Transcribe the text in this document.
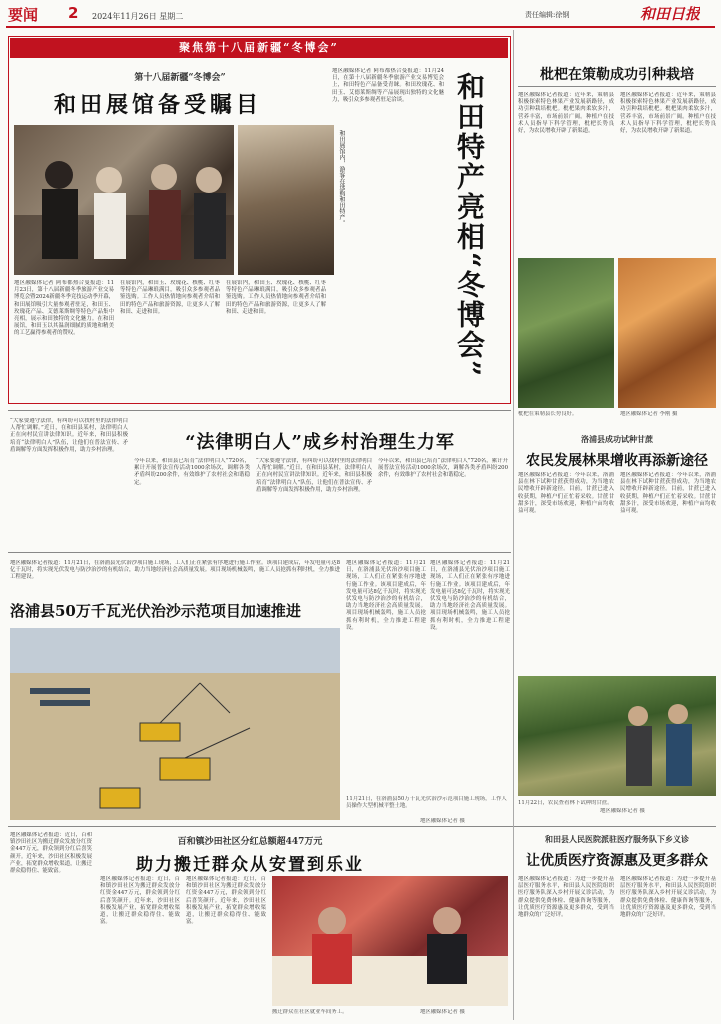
要闻 2 2024年11月26日 星期二	责任编辑:徐钢	和田日报
聚焦第十八届新疆“冬博会”
第十八届新疆“冬博会”
和田展馆备受瞩目
和田展馆内，游客在选购和田特产。
地区融媒体记者 阿布都热合曼报道：11月23日，第十八届新疆冬季旅游产业交易博览会暨2024新疆冬季竞技运动季开幕，和田展馆吸引大量参观者驻足，和田玉、玫瑰花产品、艾德莱斯绸等特色产品集中亮相，展示和田独特的文化魅力。在和田展馆，和田玉以其温润细腻的质地和精美的工艺赢得参观者的赞叹。
在展馆内，和田玉、玫瑰花、核桃、红枣等特色产品琳琅满目，吸引众多参观者品鉴选购。工作人员热情地向参观者介绍和田的特色产品和旅游资源，让更多人了解和田、走进和田。
在展馆内，和田玉、玫瑰花、核桃、红枣等特色产品琳琅满目，吸引众多参观者品鉴选购。工作人员热情地向参观者介绍和田的特色产品和旅游资源，让更多人了解和田、走进和田。
地区融媒体记者 阿布都热合曼报道：11月24日，在第十八届新疆冬季旅游产业交易博览会上，和田特色产品备受青睐。和田玫瑰花、和田玉、艾德莱斯绸等产品展现出独特的文化魅力，吸引众多参观者驻足洽谈。	和田特产亮相“冬博会”	枇杷在策勒成功引种栽培
地区融媒体记者报道：近年来，策勒县积极探索特色林果产业发展新路径，成功引种栽培枇杷。枇杷果肉柔软多汁，营养丰富，市场前景广阔。种植户在技术人员指导下科学管理，枇杷长势良好，为农民增收开辟了新渠道。
地区融媒体记者报道：近年来，策勒县积极探索特色林果产业发展新路径，成功引种栽培枇杷。枇杷果肉柔软多汁，营养丰富，市场前景广阔。种植户在技术人员指导下科学管理，枇杷长势良好，为农民增收开辟了新渠道。
枇杷在策勒县长势良好。	地区融媒体记者 李刚 摄
“法律明白人”成乡村治理生力军
“大家要遵守法律，有纠纷可以找村里的法律明白人帮忙调解。”近日，在和田县某村，法律明白人正在向村民宣讲法律知识。近年来，和田县积极培育“法律明白人”队伍，让他们在普法宣传、矛盾调解等方面发挥积极作用，助力乡村治理。
今年以来，和田县已培育“法律明白人”720名，累计开展普法宣传活动1000余场次，调解各类矛盾纠纷200余件，有效维护了农村社会和谐稳定。
“大家要遵守法律，有纠纷可以找村里的法律明白人帮忙调解。”近日，在和田县某村，法律明白人正在向村民宣讲法律知识。近年来，和田县积极培育“法律明白人”队伍，让他们在普法宣传、矛盾调解等方面发挥积极作用，助力乡村治理。
今年以来，和田县已培育“法律明白人”720名，累计开展普法宣传活动1000余场次，调解各类矛盾纠纷200余件，有效维护了农村社会和谐稳定。
洛浦县成功试种甘蔗
农民发展林果增收再添新途径
地区融媒体记者报道：今年以来，洛浦县在林下试种甘蔗获得成功，为当地农民增收开辟新途径。目前，甘蔗已进入收获期，种植户们正忙着采收。甘蔗甘甜多汁，深受市场欢迎，种植户亩均收益可观。
地区融媒体记者报道：今年以来，洛浦县在林下试种甘蔗获得成功，为当地农民增收开辟新途径。目前，甘蔗已进入收获期，种植户们正忙着采收。甘蔗甘甜多汁，深受市场欢迎，种植户亩均收益可观。
11月22日，农民查看林下试种的甘蔗。
地区融媒体记者 摄
洛浦县50万千瓦光伏治沙示范项目加速推进
地区融媒体记者报道：11月21日，在洛浦县光伏治沙项目施工现场，工人们正在紧张有序地进行施工作业。该项目建成后，年发电量可达8亿千瓦时，将实现光伏发电与防沙治沙的有机结合，助力当地经济社会高质量发展。项目现场机械轰鸣，施工人员抢抓有利时机，全力推进工程建设。
地区融媒体记者报道：11月21日，在洛浦县光伏治沙项目施工现场，工人们正在紧张有序地进行施工作业。该项目建成后，年发电量可达8亿千瓦时，将实现光伏发电与防沙治沙的有机结合，助力当地经济社会高质量发展。项目现场机械轰鸣，施工人员抢抓有利时机，全力推进工程建设。
地区融媒体记者报道：11月21日，在洛浦县光伏治沙项目施工现场，工人们正在紧张有序地进行施工作业。该项目建成后，年发电量可达8亿千瓦时，将实现光伏发电与防沙治沙的有机结合，助力当地经济社会高质量发展。项目现场机械轰鸣，施工人员抢抓有利时机，全力推进工程建设。
11月21日，在洛浦县50万千瓦光伏治沙示范项目施工现场，工作人员操作大型机械平整土地。
地区融媒体记者 摄
地区融媒体记者报道：近日，百和镇沙田社区为搬迁群众发放分红资金447万元，群众领到分红后喜笑颜开。近年来，沙田社区积极发展产业，拓宽群众增收渠道，让搬迁群众稳得住、能致富。
百和镇沙田社区分红总额超447万元
助力搬迁群众从安置到乐业
地区融媒体记者报道：近日，百和镇沙田社区为搬迁群众发放分红资金447万元，群众领到分红后喜笑颜开。近年来，沙田社区积极发展产业，拓宽群众增收渠道，让搬迁群众稳得住、能致富。
地区融媒体记者报道：近日，百和镇沙田社区为搬迁群众发放分红资金447万元，群众领到分红后喜笑颜开。近年来，沙田社区积极发展产业，拓宽群众增收渠道，让搬迁群众稳得住、能致富。
搬迁群众在社区就业车间务工。	地区融媒体记者 摄
和田县人民医院派驻医疗服务队下乡义诊
让优质医疗资源惠及更多群众
地区融媒体记者报道：为进一步提升基层医疗服务水平，和田县人民医院组织医疗服务队深入乡村开展义诊活动，为群众提供免费体检、健康咨询等服务，让优质医疗资源惠及更多群众，受到当地群众的广泛好评。
地区融媒体记者报道：为进一步提升基层医疗服务水平，和田县人民医院组织医疗服务队深入乡村开展义诊活动，为群众提供免费体检、健康咨询等服务，让优质医疗资源惠及更多群众，受到当地群众的广泛好评。
